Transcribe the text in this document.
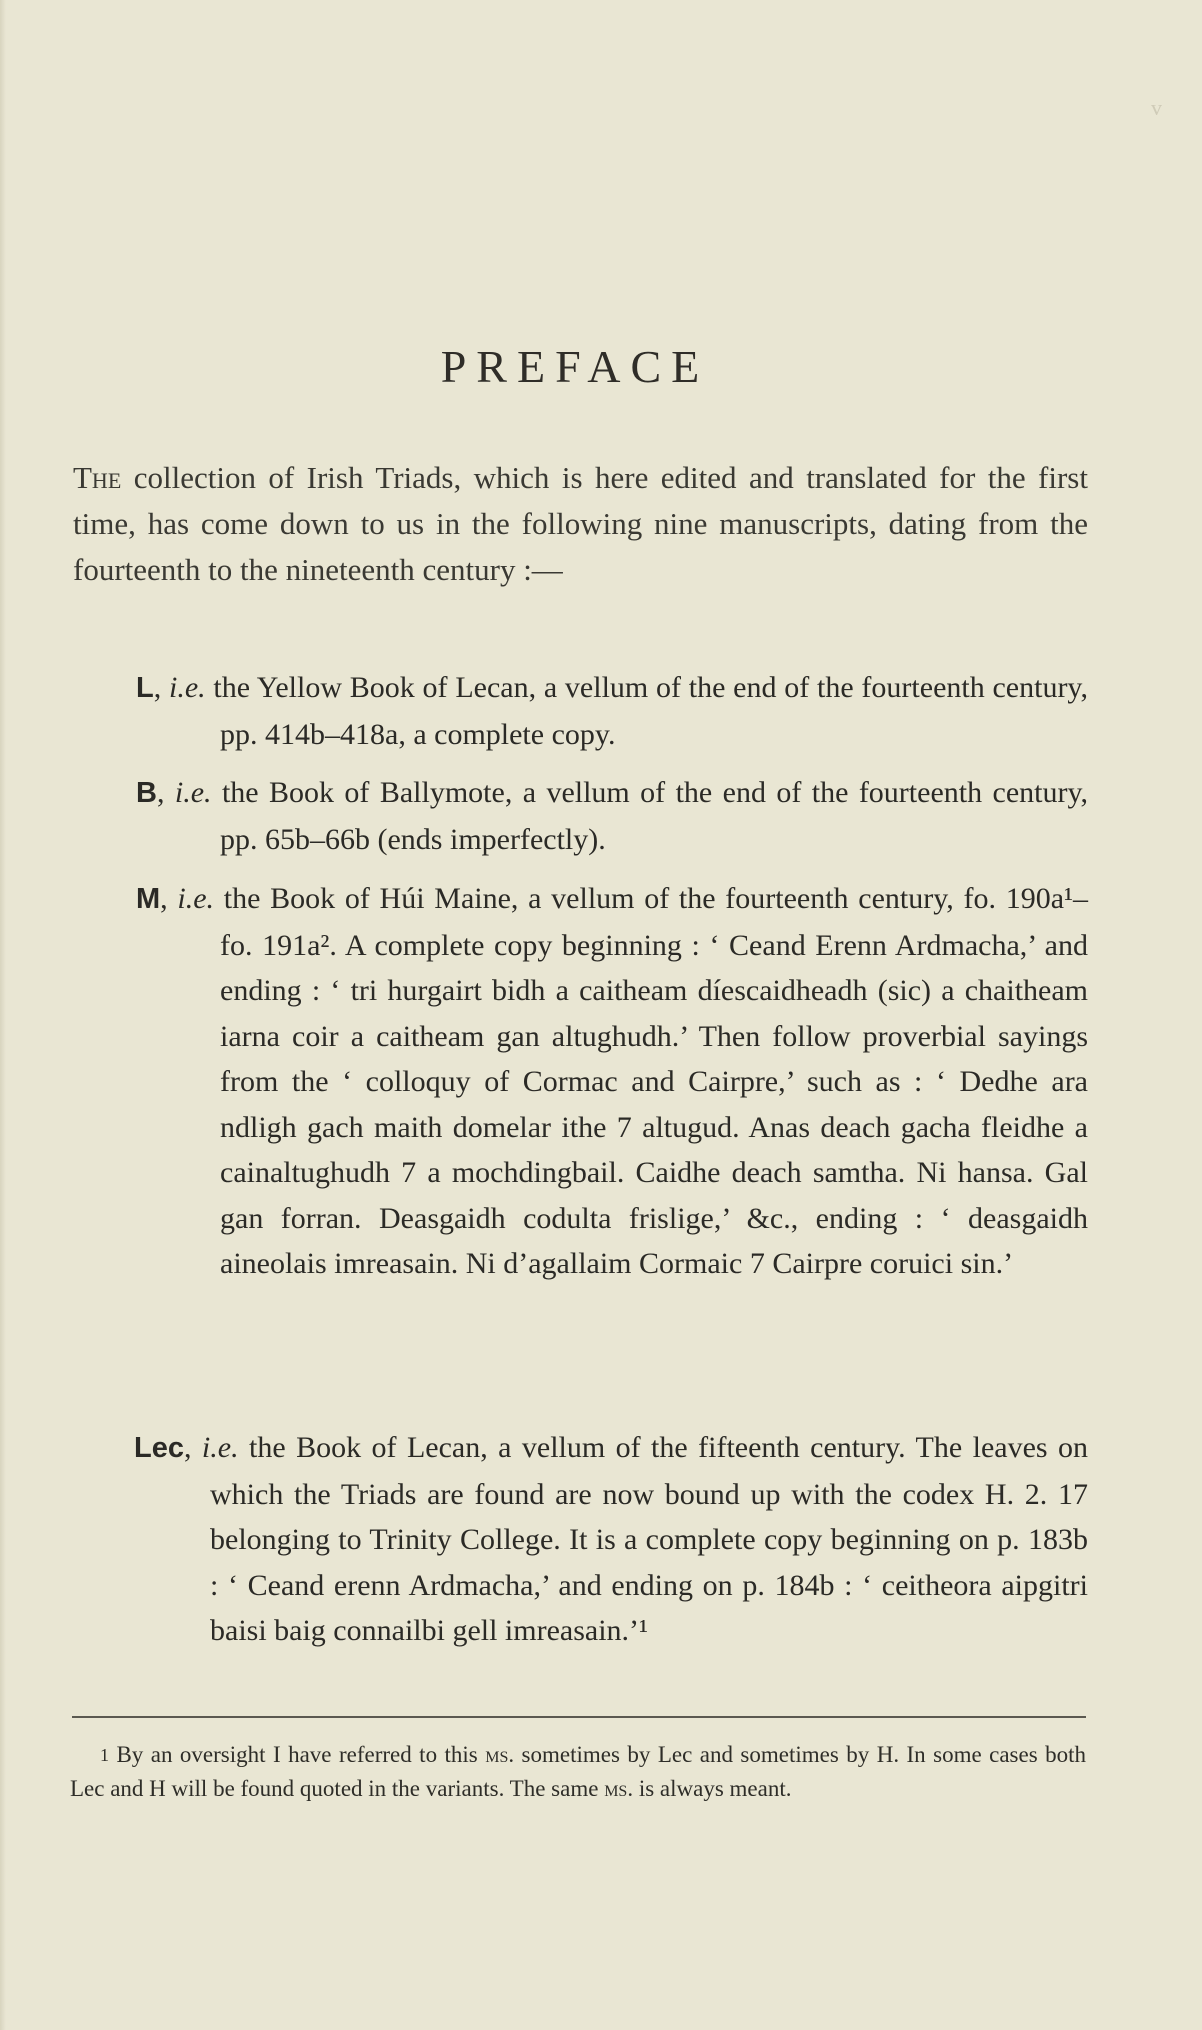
v
PREFACE

The collection of Irish Triads, which is here edited and translated for the first time, has come down to us in the following nine manuscripts, dating from the fourteenth to the nineteenth century :—

L, i.e. the Yellow Book of Lecan, a vellum of the end of the fourteenth century, pp. 414b–418a, a complete copy.

B, i.e. the Book of Ballymote, a vellum of the end of the fourteenth century, pp. 65b–66b (ends imperfectly).

M, i.e. the Book of Húi Maine, a vellum of the fourteenth century, fo. 190a¹–fo. 191a². A complete copy beginning : ‘ Ceand Erenn Ardmacha,’ and ending : ‘ tri hurgairt bidh a caitheam díescaidheadh (sic) a chaitheam iarna coir a caitheam gan altughudh.’ Then follow proverbial sayings from the ‘ colloquy of Cormac and Cairpre,’ such as : ‘ Dedhe ara ndligh gach maith domelar ithe 7 altugud. Anas deach gacha fleidhe a cainaltughudh 7 a mochdingbail. Caidhe deach samtha. Ni hansa. Gal gan forran. Deasgaidh codulta frislige,’ &c., ending : ‘ deasgaidh aineolais imreasain. Ni d’agallaim Cormaic 7 Cairpre coruici sin.’

Lec, i.e. the Book of Lecan, a vellum of the fifteenth century. The leaves on which the Triads are found are now bound up with the codex H. 2. 17 belonging to Trinity College. It is a complete copy beginning on p. 183b : ‘ Ceand erenn Ardmacha,’ and ending on p. 184b : ‘ ceitheora aipgitri baisi baig connailbi gell imreasain.’¹

1 By an oversight I have referred to this ms. sometimes by Lec and sometimes by H. In some cases both Lec and H will be found quoted in the variants. The same ms. is always meant.
